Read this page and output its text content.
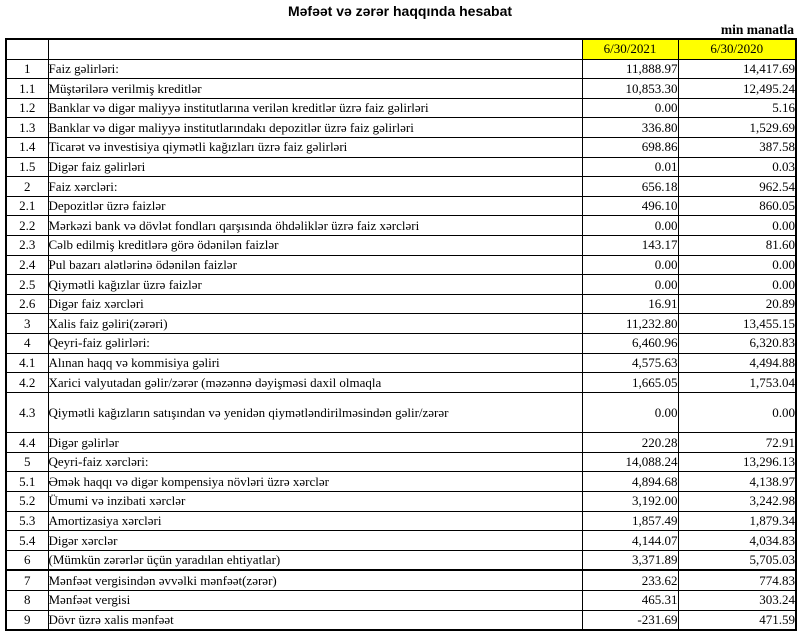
Məfəət və zərər haqqında hesabat
min manatla
		6/30/2021	6/30/2020
1	Faiz gəlirləri:	11,888.97	14,417.69
1.1	Müştərilərə verilmiş kreditlər	10,853.30	12,495.24
1.2	Banklar və digər maliyyə institutlarına verilən kreditlər üzrə faiz gəlirləri	0.00	5.16
1.3	Banklar və digər maliyyə institutlarındakı depozitlər üzrə faiz gəlirləri	336.80	1,529.69
1.4	Ticarət və investisiya qiymətli kağızları üzrə faiz gəlirləri	698.86	387.58
1.5	Digər faiz gəlirləri	0.01	0.03
2	Faiz xərcləri:	656.18	962.54
2.1	Depozitlər üzrə faizlər	496.10	860.05
2.2	Mərkəzi bank və dövlət fondları qarşısında öhdəliklər üzrə faiz xərcləri	0.00	0.00
2.3	Cəlb edilmiş kreditlərə görə ödənilən faizlər	143.17	81.60
2.4	Pul bazarı alətlərinə ödənilən faizlər	0.00	0.00
2.5	Qiymətli kağızlar üzrə faizlər	0.00	0.00
2.6	Digər faiz xərcləri	16.91	20.89
3	Xalis faiz gəliri(zərəri)	11,232.80	13,455.15
4	Qeyri-faiz gəlirləri:	6,460.96	6,320.83
4.1	Alınan haqq və kommisiya gəliri	4,575.63	4,494.88
4.2	Xarici valyutadan gəlir/zərər (məzənnə dəyişməsi daxil olmaqla	1,665.05	1,753.04
4.3	Qiymətli kağızların satışından və yenidən qiymətləndirilməsindən gəlir/zərər	0.00	0.00
4.4	Digər gəlirlər	220.28	72.91
5	Qeyri-faiz xərcləri:	14,088.24	13,296.13
5.1	Əmək haqqı və digər kompensiya növləri üzrə xərclər	4,894.68	4,138.97
5.2	Ümumi və inzibati xərclər	3,192.00	3,242.98
5.3	Amortizasiya xərcləri	1,857.49	1,879.34
5.4	Digər xərclər	4,144.07	4,034.83
6	(Mümkün zərərlər üçün yaradılan ehtiyatlar)	3,371.89	5,705.03
7	Mənfəət vergisindən əvvəlki mənfəət(zərər)	233.62	774.83
8	Mənfəət vergisi	465.31	303.24
9	Dövr üzrə xalis mənfəət	-231.69	471.59
